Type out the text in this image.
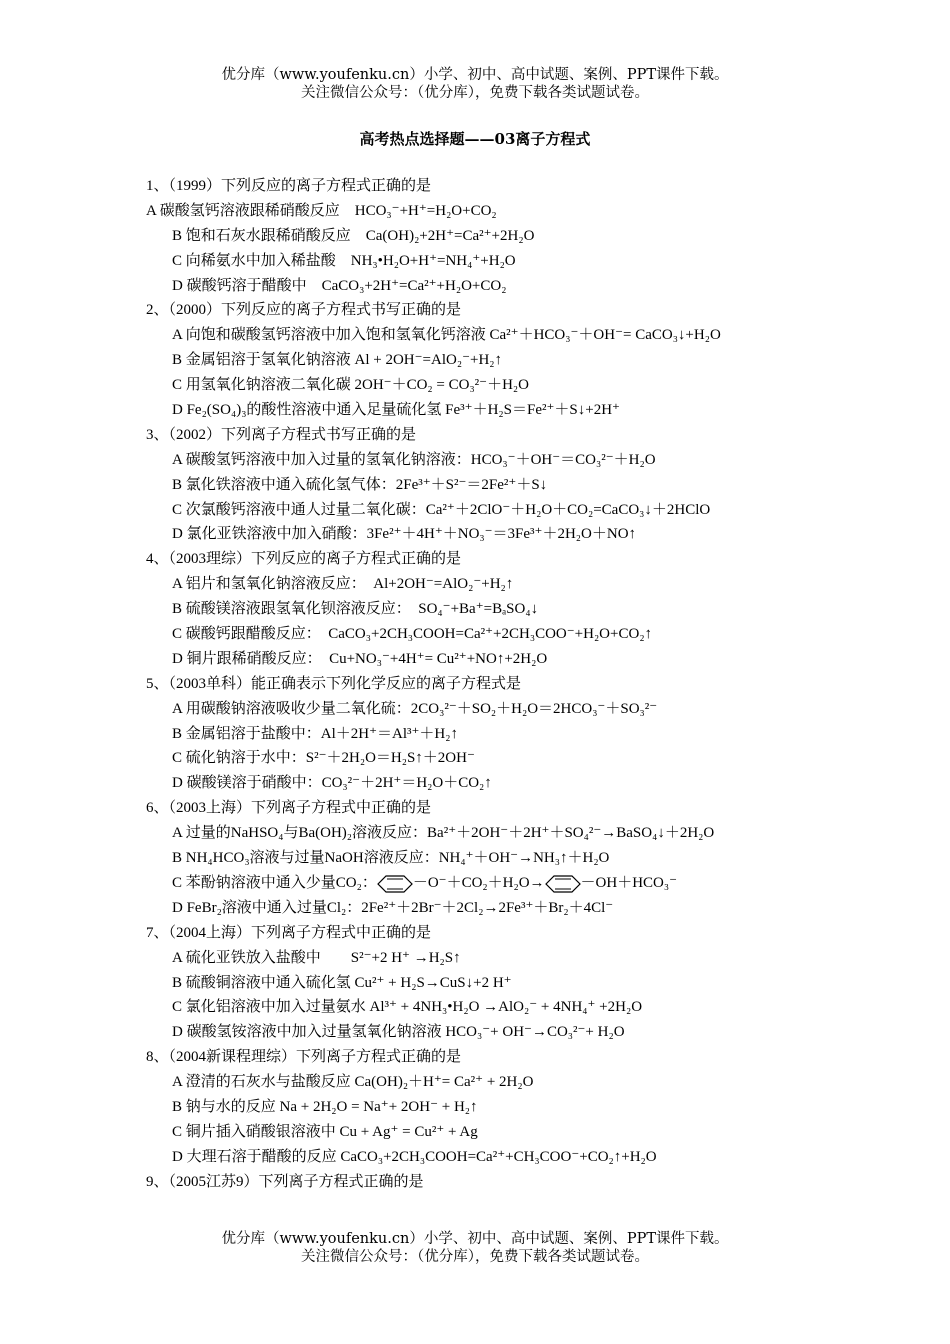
优分库（www.youfenku.cn）小学、初中、高中试题、案例、PPT课件下载。
关注微信公众号：（优分库），免费下载各类试题试卷。
高考热点选择题——03离子方程式
1、（1999）下列反应的离子方程式正确的是
A 碳酸氢钙溶液跟稀硝酸反应　HCO₃⁻+H⁺=H₂O+CO₂
B 饱和石灰水跟稀硝酸反应　Ca(OH)₂+2H⁺=Ca²⁺+2H₂O
C 向稀氨水中加入稀盐酸　NH₃•H₂O+H⁺=NH₄⁺+H₂O
D 碳酸钙溶于醋酸中　CaCO₃+2H⁺=Ca²⁺+H₂O+CO₂
2、（2000）下列反应的离子方程式书写正确的是
A 向饱和碳酸氢钙溶液中加入饱和氢氧化钙溶液 Ca²⁺＋HCO₃⁻＋OH⁻= CaCO₃↓+H₂O
B 金属铝溶于氢氧化钠溶液 Al + 2OH⁻=AlO₂⁻+H₂↑
C 用氢氧化钠溶液二氧化碳 2OH⁻＋CO₂ = CO₃²⁻＋H₂O
D Fe₂(SO₄)₃的酸性溶液中通入足量硫化氢 Fe³⁺＋H₂S＝Fe²⁺＋S↓+2H⁺
3、（2002）下列离子方程式书写正确的是
A 碳酸氢钙溶液中加入过量的氢氧化钠溶液：HCO₃⁻＋OH⁻＝CO₃²⁻＋H₂O
B 氯化铁溶液中通入硫化氢气体：2Fe³⁺＋S²⁻＝2Fe²⁺＋S↓
C 次氯酸钙溶液中通人过量二氧化碳：Ca²⁺＋2ClO⁻＋H₂O＋CO₂=CaCO₃↓＋2HClO
D 氯化亚铁溶液中加入硝酸：3Fe²⁺＋4H⁺＋NO₃⁻＝3Fe³⁺＋2H₂O＋NO↑
4、（2003理综）下列反应的离子方程式正确的是
A 铝片和氢氧化钠溶液反应：　Al+2OH⁻=AlO₂⁻+H₂↑
B 硫酸镁溶液跟氢氧化钡溶液反应：　SO₄⁻+Ba⁺=BₐSO₄↓
C 碳酸钙跟醋酸反应：　CaCO₃+2CH₃COOH=Ca²⁺+2CH₃COO⁻+H₂O+CO₂↑
D 铜片跟稀硝酸反应：　Cu+NO₃⁻+4H⁺= Cu²⁺+NO↑+2H₂O
5、（2003单科）能正确表示下列化学反应的离子方程式是
A 用碳酸钠溶液吸收少量二氧化硫：2CO₃²⁻＋SO₂＋H₂O＝2HCO₃⁻＋SO₃²⁻
B 金属铝溶于盐酸中：Al＋2H⁺＝Al³⁺＋H₂↑
C 硫化钠溶于水中：S²⁻＋2H₂O＝H₂S↑＋2OH⁻
D 碳酸镁溶于硝酸中：CO₃²⁻＋2H⁺＝H₂O＋CO₂↑
6、（2003上海）下列离子方程式中正确的是
A 过量的NaHSO₄与Ba(OH)₂溶液反应：Ba²⁺＋2OH⁻＋2H⁺＋SO₄²⁻→BaSO₄↓＋2H₂O
B NH₄HCO₃溶液与过量NaOH溶液反应：NH₄⁺＋OH⁻→NH₃↑＋H₂O
C 苯酚钠溶液中通入少量CO₂： －O⁻＋CO₂＋H₂O→ －OH＋HCO₃⁻
D FeBr₂溶液中通入过量Cl₂：2Fe²⁺＋2Br⁻＋2Cl₂→2Fe³⁺＋Br₂＋4Cl⁻
7、（2004上海）下列离子方程式中正确的是
A 硫化亚铁放入盐酸中　　S²⁻+2 H⁺ →H₂S↑
B 硫酸铜溶液中通入硫化氢 Cu²⁺ + H₂S→CuS↓+2 H⁺
C 氯化铝溶液中加入过量氨水 Al³⁺ + 4NH₃•H₂O →AlO₂⁻ + 4NH₄⁺ +2H₂O
D 碳酸氢铵溶液中加入过量氢氧化钠溶液 HCO₃⁻+ OH⁻→CO₃²⁻+ H₂O
8、（2004新课程理综）下列离子方程式正确的是
A 澄清的石灰水与盐酸反应 Ca(OH)₂＋H⁺= Ca²⁺ + 2H₂O
B 钠与水的反应 Na + 2H₂O = Na⁺+ 2OH⁻ + H₂↑
C 铜片插入硝酸银溶液中 Cu + Ag⁺ = Cu²⁺ + Ag
D 大理石溶于醋酸的反应 CaCO₃+2CH₃COOH=Ca²⁺+CH₃COO⁻+CO₂↑+H₂O
9、（2005江苏9）下列离子方程式正确的是
优分库（www.youfenku.cn）小学、初中、高中试题、案例、PPT课件下载。
关注微信公众号：（优分库），免费下载各类试题试卷。
